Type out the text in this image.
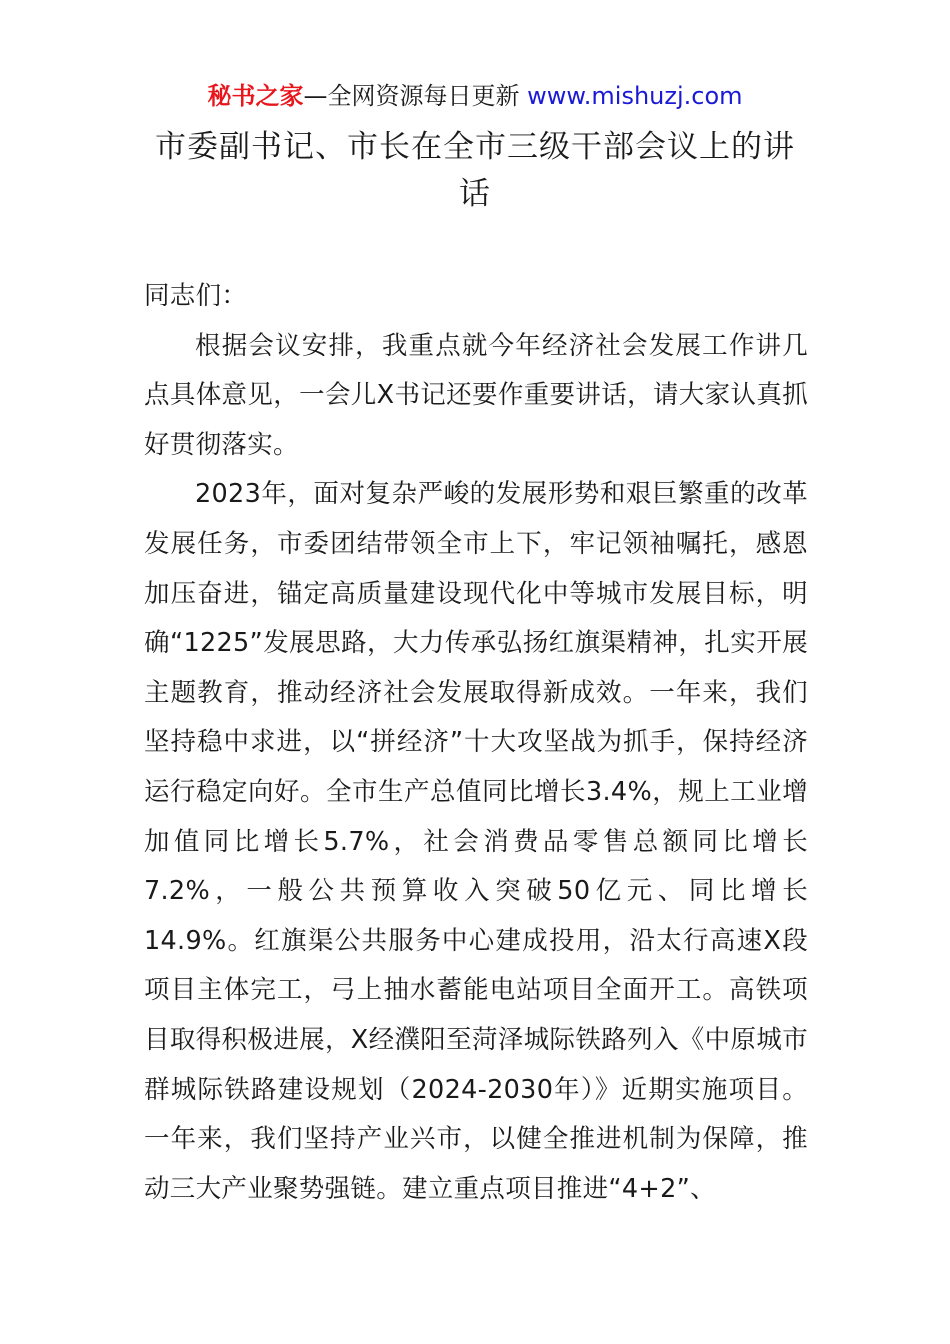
秘书之家—全网资源每日更新 www.mishuzj.com
市委副书记、市长在全市三级干部会议上的讲话

同志们：

根据会议安排，我重点就今年经济社会发展工作讲几点具体意见，一会儿X书记还要作重要讲话，请大家认真抓好贯彻落实。

2023年，面对复杂严峻的发展形势和艰巨繁重的改革发展任务，市委团结带领全市上下，牢记领袖嘱托，感恩加压奋进，锚定高质量建设现代化中等城市发展目标，明确“1225”发展思路，大力传承弘扬红旗渠精神，扎实开展主题教育，推动经济社会发展取得新成效。一年来，我们坚持稳中求进，以“拼经济”十大攻坚战为抓手，保持经济运行稳定向好。全市生产总值同比增长3.4%，规上工业增加值同比增长5.7%，社会消费品零售总额同比增长7.2%，一般公共预算收入突破50亿元、同比增长14.9%。红旗渠公共服务中心建成投用，沿太行高速X段项目主体完工，弓上抽水蓄能电站项目全面开工。高铁项目取得积极进展，X经濮阳至菏泽城际铁路列入《中原城市群城际铁路建设规划（2024-2030年）》近期实施项目。一年来，我们坚持产业兴市，以健全推进机制为保障，推动三大产业聚势强链。建立重点项目推进“4+2”、
